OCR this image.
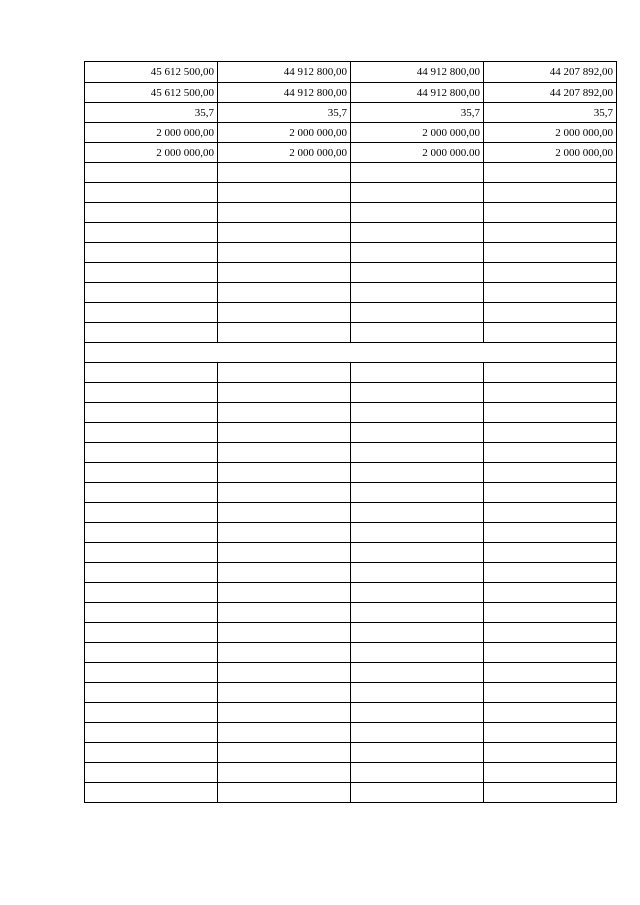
45 612 500,00	44 912 800,00	44 912 800,00	44 207 892,00
45 612 500,00	44 912 800,00	44 912 800,00	44 207 892,00
35,7	35,7	35,7	35,7
2 000 000,00	2 000 000,00	2 000 000,00	2 000 000,00
2 000 000,00	2 000 000,00	2 000 000.00	2 000 000,00
